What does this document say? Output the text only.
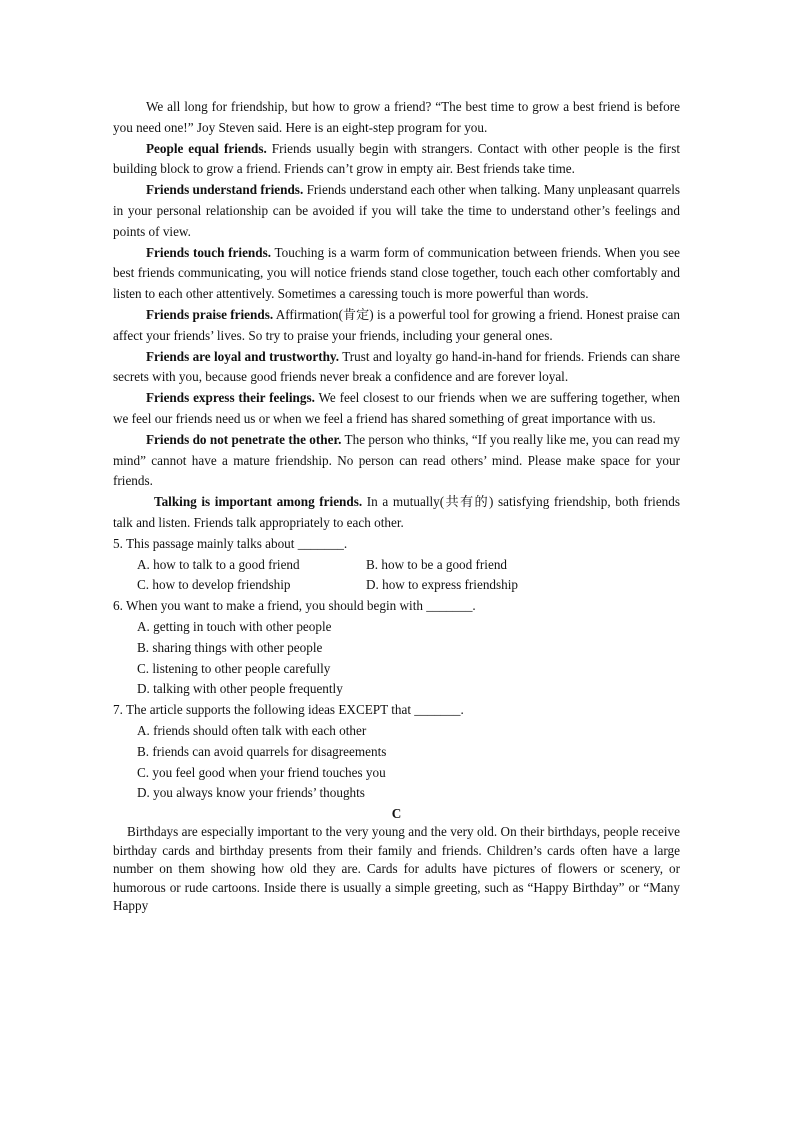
We all long for friendship, but how to grow a friend? “The best time to grow a best friend is before you need one!” Joy Steven said. Here is an eight-step program for you.

People equal friends. Friends usually begin with strangers. Contact with other people is the first building block to grow a friend. Friends can’t grow in empty air. Best friends take time.

Friends understand friends. Friends understand each other when talking. Many unpleasant quarrels in your personal relationship can be avoided if you will take the time to understand other’s feelings and points of view.

Friends touch friends. Touching is a warm form of communication between friends. When you see best friends communicating, you will notice friends stand close together, touch each other comfortably and listen to each other attentively. Sometimes a caressing touch is more powerful than words.

Friends praise friends. Affirmation(肯定) is a powerful tool for growing a friend. Honest praise can affect your friends’ lives. So try to praise your friends, including your general ones.

Friends are loyal and trustworthy. Trust and loyalty go hand-in-hand for friends. Friends can share secrets with you, because good friends never break a confidence and are forever loyal.

Friends express their feelings. We feel closest to our friends when we are suffering together, when we feel our friends need us or when we feel a friend has shared something of great importance with us.

Friends do not penetrate the other. The person who thinks, “If you really like me, you can read my mind” cannot have a mature friendship. No person can read others’ mind. Please make space for your friends.

Talking is important among friends. In a mutually(共有的) satisfying friendship, both friends talk and listen. Friends talk appropriately to each other.

5. This passage mainly talks about _______.

A. how to talk to a good friend	B. how to be a good friend

C. how to develop friendship	D. how to express friendship

6. When you want to make a friend, you should begin with _______.

A. getting in touch with other people

B. sharing things with other people

C. listening to other people carefully

D. talking with other people frequently

7. The article supports the following ideas EXCEPT that _______.

A. friends should often talk with each other

B. friends can avoid quarrels for disagreements

C. you feel good when your friend touches you

D. you always know your friends’ thoughts

C

Birthdays are especially important to the very young and the very old. On their birthdays, people receive birthday cards and birthday presents from their family and friends. Children’s cards often have a large number on them showing how old they are. Cards for adults have pictures of flowers or scenery, or humorous or rude cartoons. Inside there is usually a simple greeting, such as “Happy Birthday” or “Many Happy
